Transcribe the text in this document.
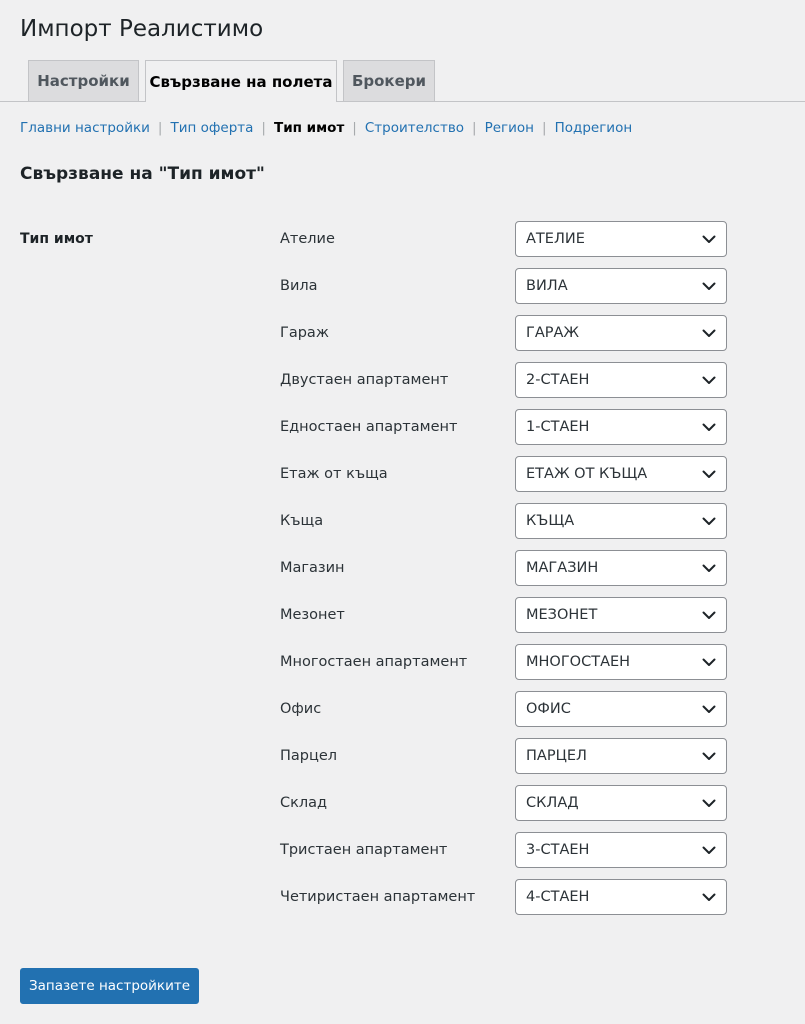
Импорт Реалистимо
Настройки	Свързване на полета	Брокери
Главни настройки | Тип оферта | Тип имот | Строителство | Регион | Подрегион
Свързване на "Тип имот"
Тип имот	Ателие	АТЕЛИЕ
Вила	ВИЛА
Гараж	ГАРАЖ
Двустаен апартамент	2-СТАЕН
Едностаен апартамент	1-СТАЕН
Етаж от къща	ЕТАЖ ОТ КЪЩА
Къща	КЪЩА
Магазин	МАГАЗИН
Мезонет	МЕЗОНЕТ
Многостаен апартамент	МНОГОСТАЕН
Офис	ОФИС
Парцел	ПАРЦЕЛ
Склад	СКЛАД
Тристаен апартамент	3-СТАЕН
Четиристаен апартамент	4-СТАЕН
Запазете настройките
